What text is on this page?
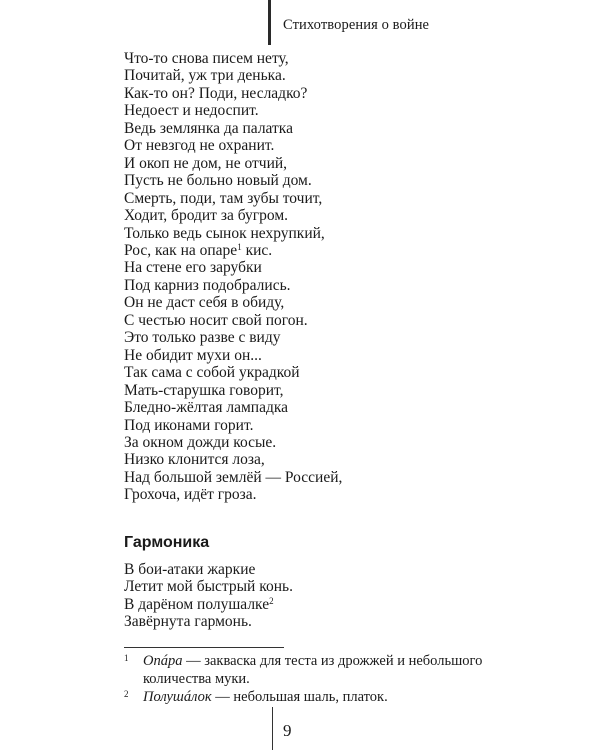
Стихотворения о войне
Что-то снова писем нету,
Почитай, уж три денька.
Как-то он? Поди, несладко?
Недоест и недоспит.
Ведь землянка да палатка
От невзгод не охранит.
И окоп не дом, не отчий,
Пусть не больно новый дом.
Смерть, поди, там зубы точит,
Ходит, бродит за бугром.
Только ведь сынок нехрупкий,
Рос, как на опаре$^1$ кис.
На стене его зарубки
Под карниз подобрались.
Он не даст себя в обиду,
С честью носит свой погон.
Это только разве с виду
Не обидит мухи он...
Так сама с собой украдкой
Мать-старушка говорит,
Бледно-жёлтая лампадка
Под иконами горит.
За окном дожди косые.
Низко клонится лоза,
Над большой землёй — Россией,
Грохоча, идёт гроза.
Гармоника
В бои-атаки жаркие
Летит мой быстрый конь.
В дарёном полушалке$^2$
Завёрнута гармонь.
1 Опáра — закваска для теста из дрожжей и небольшого количества муки.
2 Полушáлок — небольшая шаль, платок.
9
